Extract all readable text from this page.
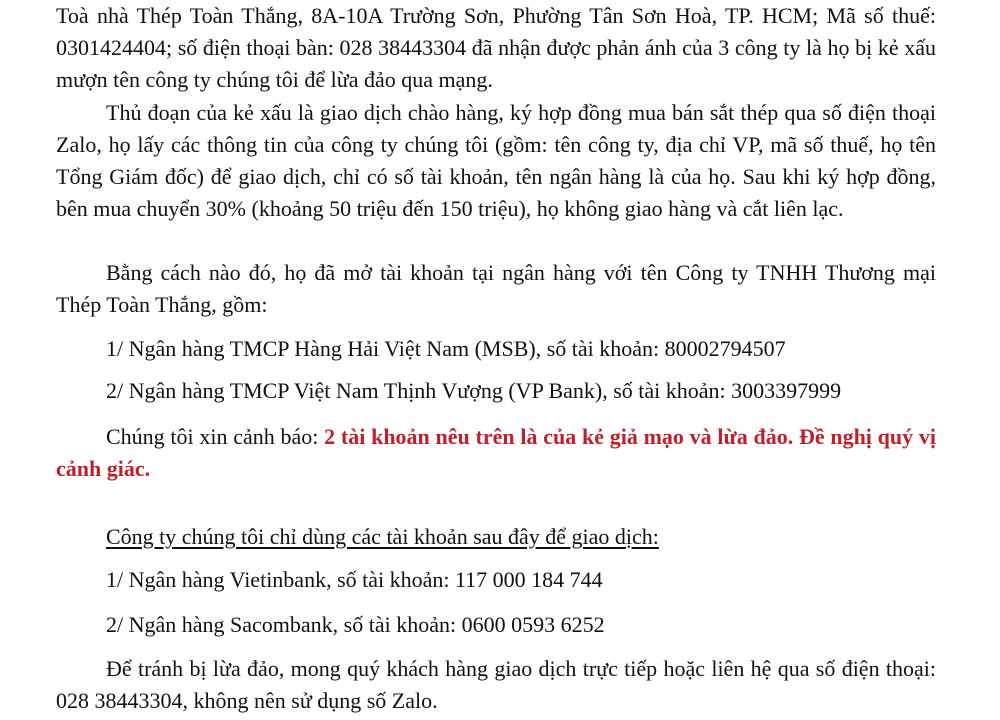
Toà nhà Thép Toàn Thắng, 8A-10A Trường Sơn, Phường Tân Sơn Hoà, TP. HCM; Mã số thuế: 0301424404; số điện thoại bàn: 028 38443304 đã nhận được phản ánh của 3 công ty là họ bị kẻ xấu mượn tên công ty chúng tôi để lừa đảo qua mạng.

Thủ đoạn của kẻ xấu là giao dịch chào hàng, ký hợp đồng mua bán sắt thép qua số điện thoại Zalo, họ lấy các thông tin của công ty chúng tôi (gồm: tên công ty, địa chỉ VP, mã số thuế, họ tên Tổng Giám đốc) để giao dịch, chỉ có số tài khoản, tên ngân hàng là của họ. Sau khi ký hợp đồng, bên mua chuyển 30% (khoảng 50 triệu đến 150 triệu), họ không giao hàng và cắt liên lạc.

Bằng cách nào đó, họ đã mở tài khoản tại ngân hàng với tên Công ty TNHH Thương mại Thép Toàn Thắng, gồm:

1/ Ngân hàng TMCP Hàng Hải Việt Nam (MSB), số tài khoản: 80002794507

2/ Ngân hàng TMCP Việt Nam Thịnh Vượng (VP Bank), số tài khoản: 3003397999

Chúng tôi xin cảnh báo: 2 tài khoản nêu trên là của kẻ giả mạo và lừa đảo. Đề nghị quý vị cảnh giác.

Công ty chúng tôi chỉ dùng các tài khoản sau đây để giao dịch:

1/ Ngân hàng Vietinbank, số tài khoản: 117 000 184 744

2/ Ngân hàng Sacombank, số tài khoản: 0600 0593 6252

Để tránh bị lừa đảo, mong quý khách hàng giao dịch trực tiếp hoặc liên hệ qua số điện thoại: 028 38443304, không nên sử dụng số Zalo.
